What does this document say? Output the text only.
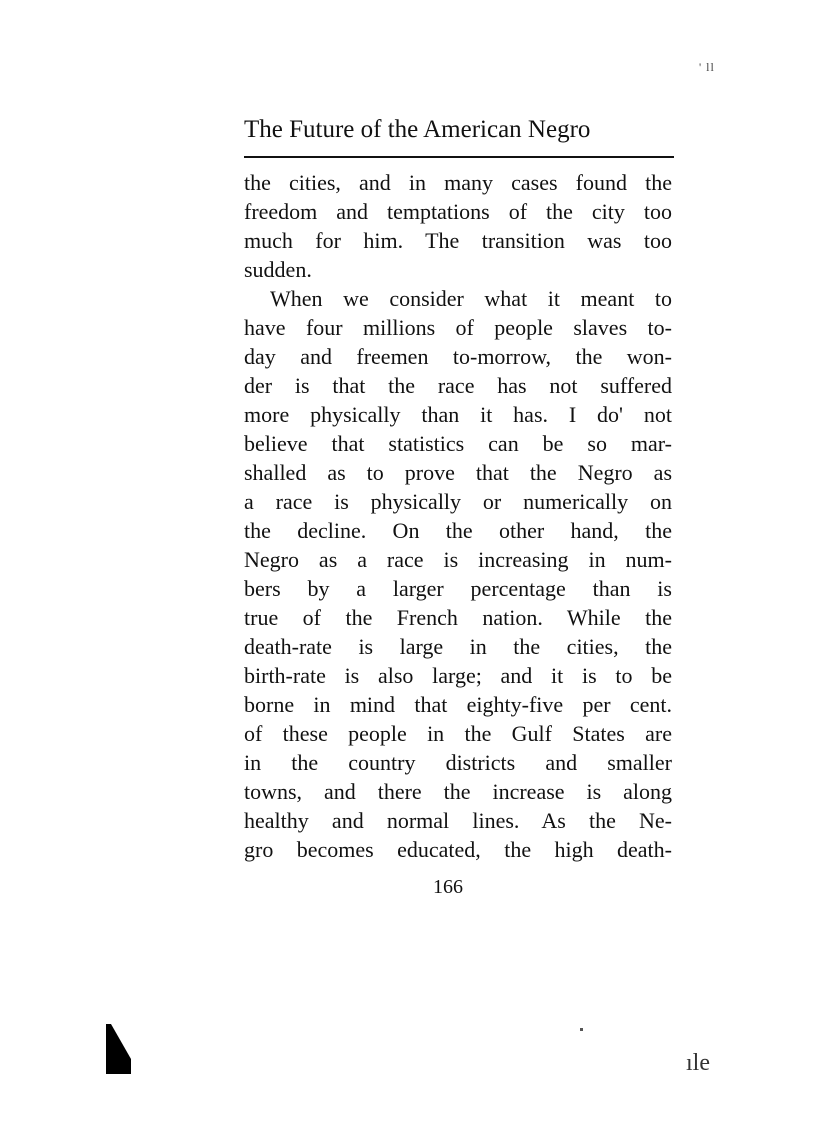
' ll
The Future of the American Negro
the cities, and in many cases found the
freedom and temptations of the city too
much for him. The transition was too
sudden.
When we consider what it meant to
have four millions of people slaves to-
day and freemen to-morrow, the won-
der is that the race has not suffered
more physically than it has. I do' not
believe that statistics can be so mar-
shalled as to prove that the Negro as
a race is physically or numerically on
the decline. On the other hand, the
Negro as a race is increasing in num-
bers by a larger percentage than is
true of the French nation. While the
death-rate is large in the cities, the
birth-rate is also large; and it is to be
borne in mind that eighty-five per cent.
of these people in the Gulf States are
in the country districts and smaller
towns, and there the increase is along
healthy and normal lines. As the Ne-
gro becomes educated, the high death-
166
ıle
